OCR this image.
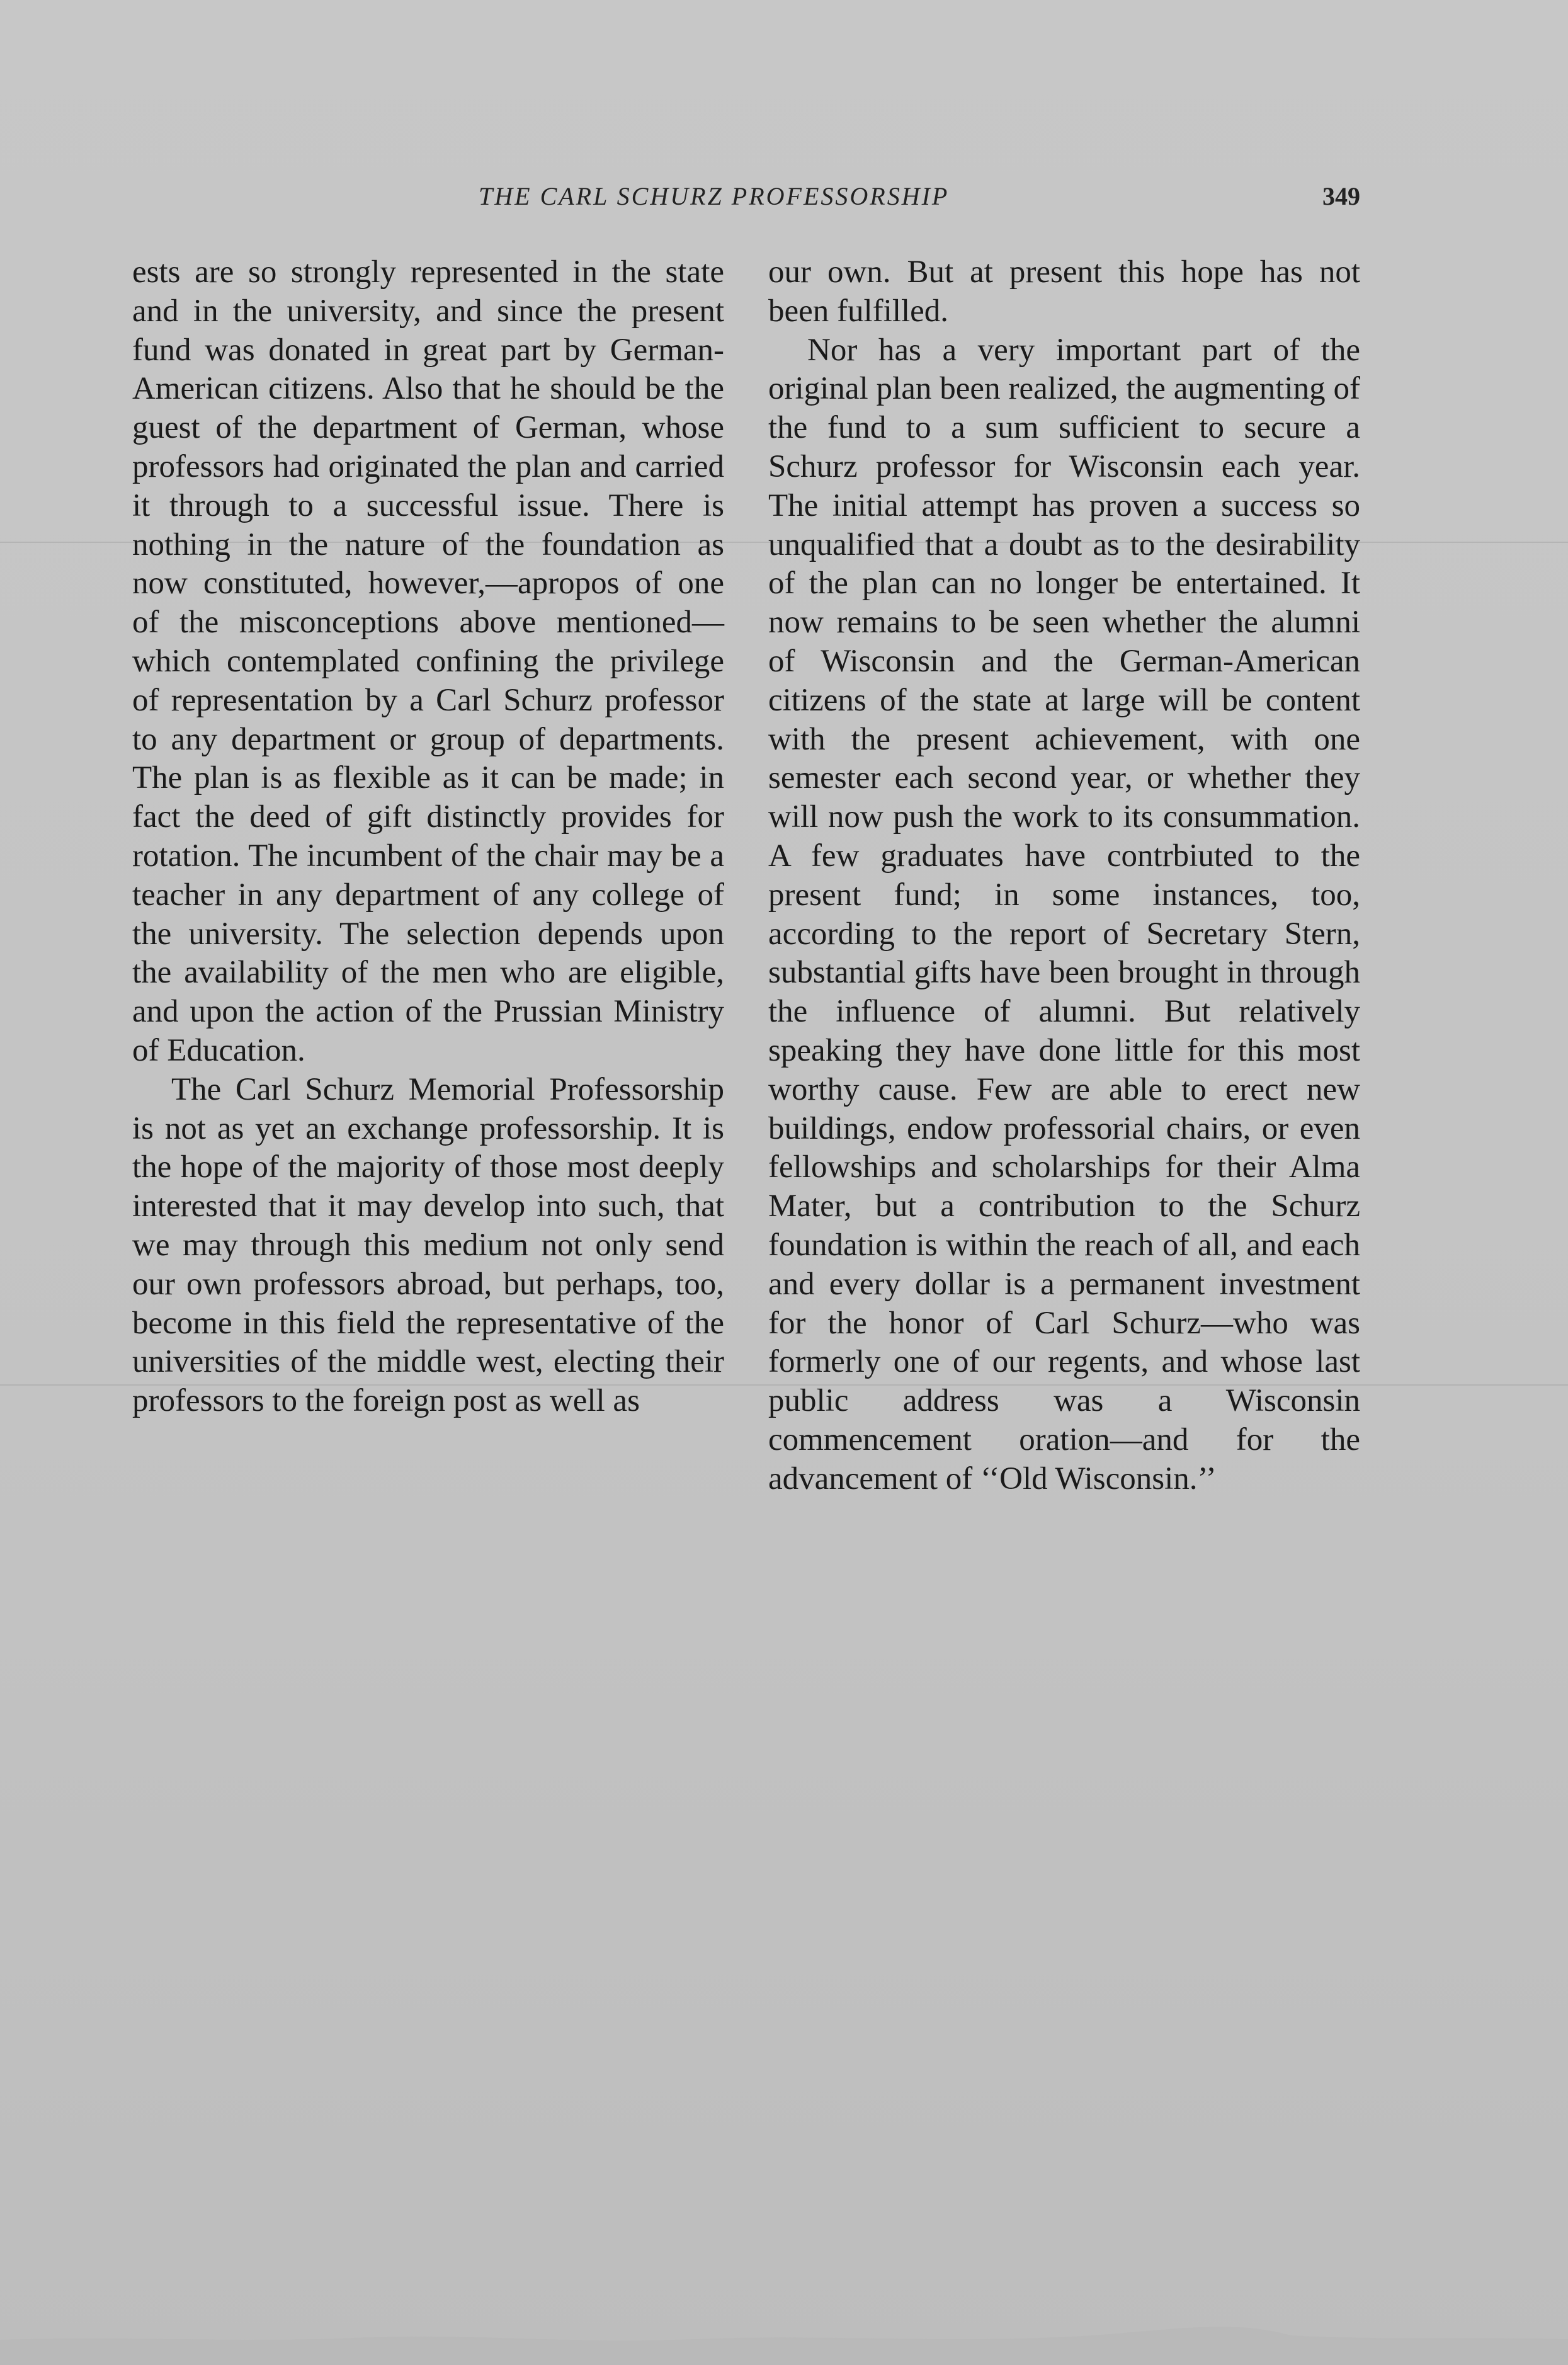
THE CARL SCHURZ PROFESSORSHIP	349

ests are so strongly represented in the state and in the university, and since the present fund was donated in great part by German-American citizens. Also that he should be the guest of the department of German, whose professors had originated the plan and carried it through to a successful issue. There is nothing in the nature of the foundation as now constituted, however,—apropos of one of the misconceptions above mentioned—which contemplated confining the privilege of representation by a Carl Schurz professor to any department or group of departments. The plan is as flexible as it can be made; in fact the deed of gift distinctly provides for rotation. The incumbent of the chair may be a teacher in any department of any college of the university. The selection depends upon the availability of the men who are eligible, and upon the action of the Prussian Ministry of Education.

The Carl Schurz Memorial Professorship is not as yet an exchange professorship. It is the hope of the majority of those most deeply interested that it may develop into such, that we may through this medium not only send our own professors abroad, but perhaps, too, become in this field the representative of the universities of the middle west, electing their professors to the foreign post as well as

our own. But at present this hope has not been fulfilled.

Nor has a very important part of the original plan been realized, the augmenting of the fund to a sum sufficient to secure a Schurz professor for Wisconsin each year. The initial attempt has proven a success so unqualified that a doubt as to the desirability of the plan can no longer be entertained. It now remains to be seen whether the alumni of Wisconsin and the German-American citizens of the state at large will be content with the present achievement, with one semester each second year, or whether they will now push the work to its consummation. A few graduates have contrbiuted to the present fund; in some instances, too, according to the report of Secretary Stern, substantial gifts have been brought in through the influence of alumni. But relatively speaking they have done little for this most worthy cause. Few are able to erect new buildings, endow professorial chairs, or even fellowships and scholarships for their Alma Mater, but a contribution to the Schurz foundation is within the reach of all, and each and every dollar is a permanent investment for the honor of Carl Schurz—who was formerly one of our regents, and whose last public address was a Wisconsin commencement oration—and for the advancement of ‘‘Old Wisconsin.’’
